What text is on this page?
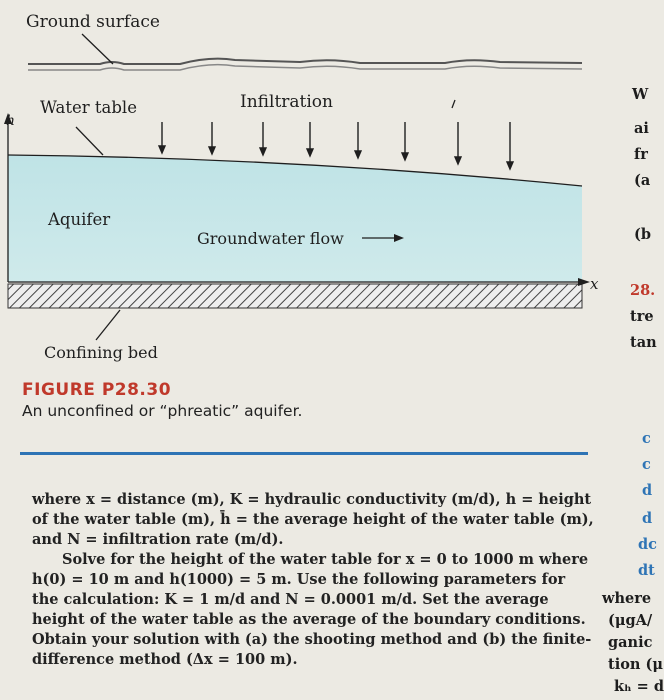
Ground surface
Water table	Infiltration
h
Aquifer
Groundwater flow
x
Confining bed
FIGURE P28.30
An unconfined or “phreatic” aquifer.

where x = distance (m), K = hydraulic conductivity (m/d), h = height of the water table (m), h̄ = the average height of the water table (m), and N = infiltration rate (m/d).

Solve for the height of the water table for x = 0 to 1000 m where h(0) = 10 m and h(1000) = 5 m. Use the following parameters for the calculation: K = 1 m/d and N = 0.0001 m/d. Set the average height of the water table as the average of the boundary conditions. Obtain your solution with (a) the shooting method and (b) the finite-difference method (Δx = 100 m).

W
ai
fr
(a
(b
28.
tre
tan
c
c
d
d
dc
dt
where
(μgA/
ganic
tion (μ
kₕ = d
